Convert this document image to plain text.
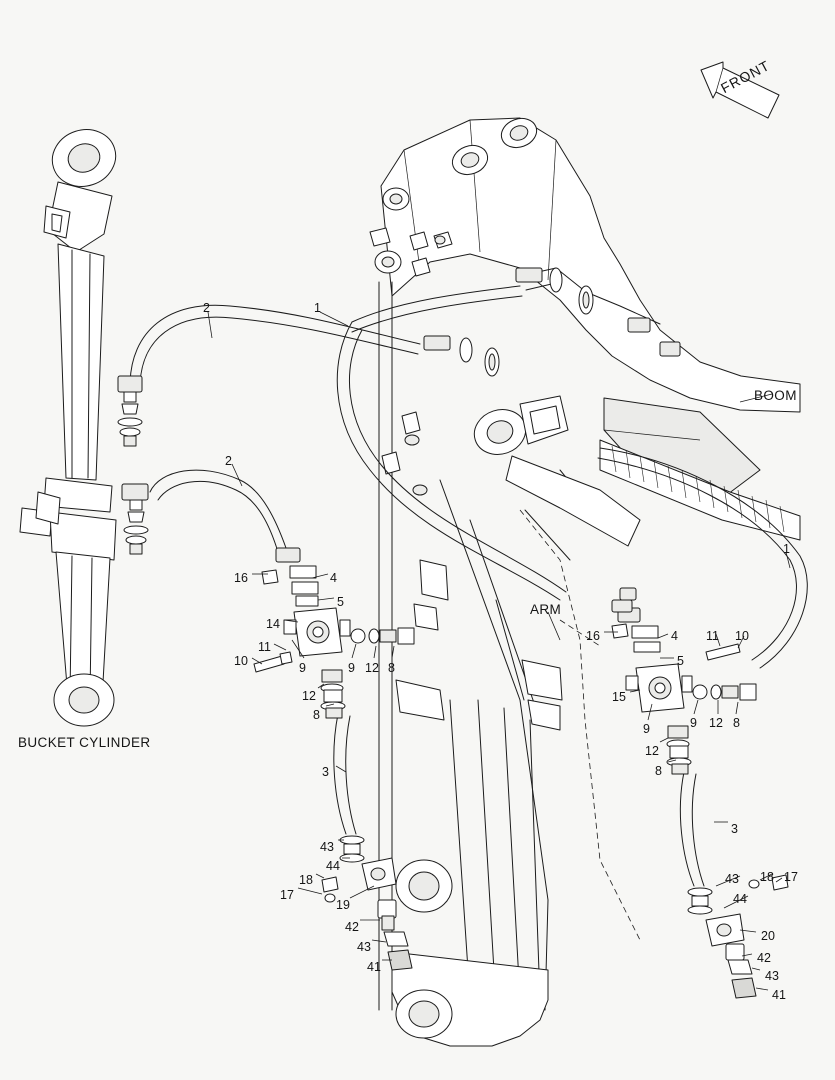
BUCKET CYLINDER
BOOM
ARM
FRONT
2	1
2
1
16	4
5
14
11
10	9	9 12 8
12
8
3
43
44
18
17
19
42
43
41
16	4 11 10
5
15
9	9 12 8
12
8
3
43 18 17
44
20
42
43
41
